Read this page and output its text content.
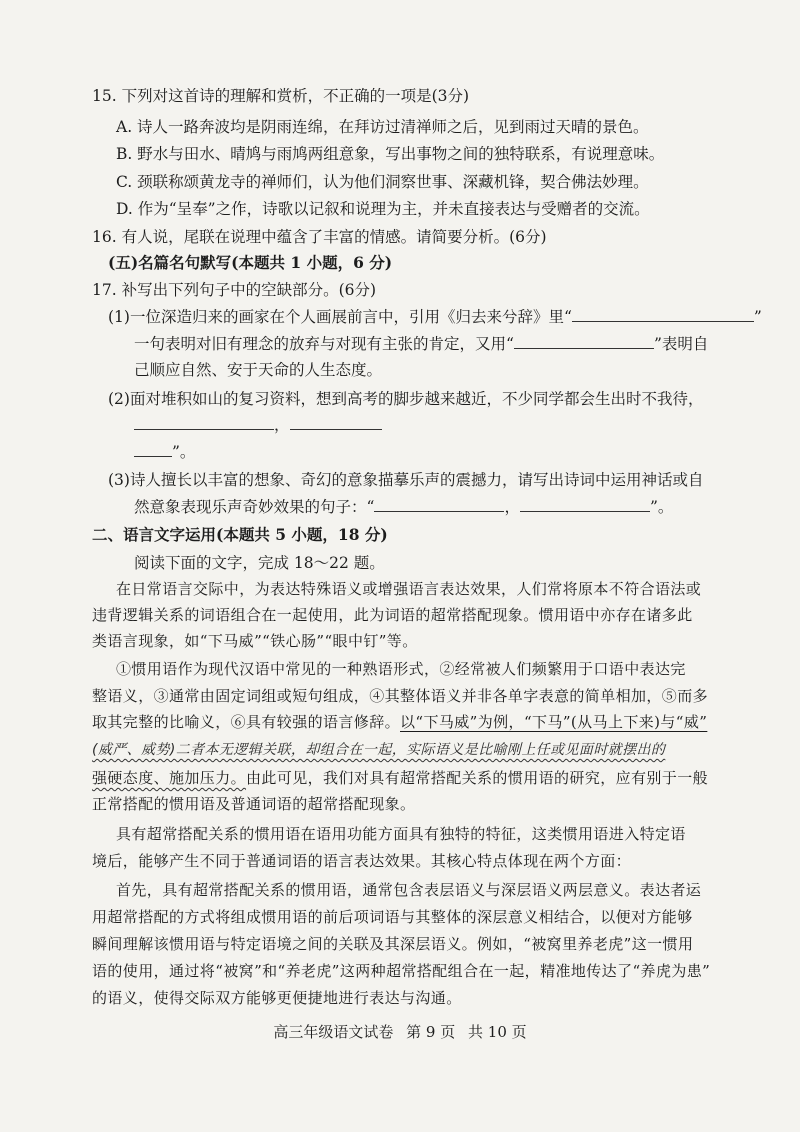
15. 下列对这首诗的理解和赏析，不正确的一项是(3分)
A. 诗人一路奔波均是阴雨连绵，在拜访过清禅师之后，见到雨过天晴的景色。
B. 野水与田水、晴鸠与雨鸠两组意象，写出事物之间的独特联系，有说理意味。
C. 颈联称颂黄龙寺的禅师们，认为他们洞察世事、深藏机锋，契合佛法妙理。
D. 作为“呈奉”之作，诗歌以记叙和说理为主，并未直接表达与受赠者的交流。
16. 有人说，尾联在说理中蕴含了丰富的情感。请简要分析。(6分)
(五)名篇名句默写(本题共 1 小题，6 分)
17. 补写出下列句子中的空缺部分。(6分)
(1)一位深造归来的画家在个人画展前言中，引用《归去来兮辞》里“	”
一句表明对旧有理念的放弃与对现有主张的肯定，又用“	”表明自
己顺应自然、安于天命的人生态度。
(2)面对堆积如山的复习资料，想到高考的脚步越来越近，不少同学都会生出时不我待，
，
”。
(3)诗人擅长以丰富的想象、奇幻的意象描摹乐声的震撼力，请写出诗词中运用神话或自
然意象表现乐声奇妙效果的句子：“	，	”。
二、语言文字运用(本题共 5 小题，18 分)
阅读下面的文字，完成 18～22 题。
在日常语言交际中，为表达特殊语义或增强语言表达效果，人们常将原本不符合语法或
违背逻辑关系的词语组合在一起使用，此为词语的超常搭配现象。惯用语中亦存在诸多此
类语言现象，如“下马威”“铁心肠”“眼中钉”等。
①惯用语作为现代汉语中常见的一种熟语形式，②经常被人们频繁用于口语中表达完
整语义，③通常由固定词组或短句组成，④其整体语义并非各单字表意的简单相加，⑤而多
取其完整的比喻义，⑥具有较强的语言修辞。以“下马威”为例，“下马”(从马上下来)与“威”
(威严、威势)二者本无逻辑关联，却组合在一起，实际语义是比喻刚上任或见面时就摆出的
强硬态度、施加压力。由此可见，我们对具有超常搭配关系的惯用语的研究，应有别于一般
正常搭配的惯用语及普通词语的超常搭配现象。
具有超常搭配关系的惯用语在语用功能方面具有独特的特征，这类惯用语进入特定语
境后，能够产生不同于普通词语的语言表达效果。其核心特点体现在两个方面：
首先，具有超常搭配关系的惯用语，通常包含表层语义与深层语义两层意义。表达者运
用超常搭配的方式将组成惯用语的前后项词语与其整体的深层意义相结合，以便对方能够
瞬间理解该惯用语与特定语境之间的关联及其深层语义。例如，“被窝里养老虎”这一惯用
语的使用，通过将“被窝”和“养老虎”这两种超常搭配组合在一起，精准地传达了“养虎为患”
的语义，使得交际双方能够更便捷地进行表达与沟通。
高三年级语文试卷 第 9 页 共 10 页
